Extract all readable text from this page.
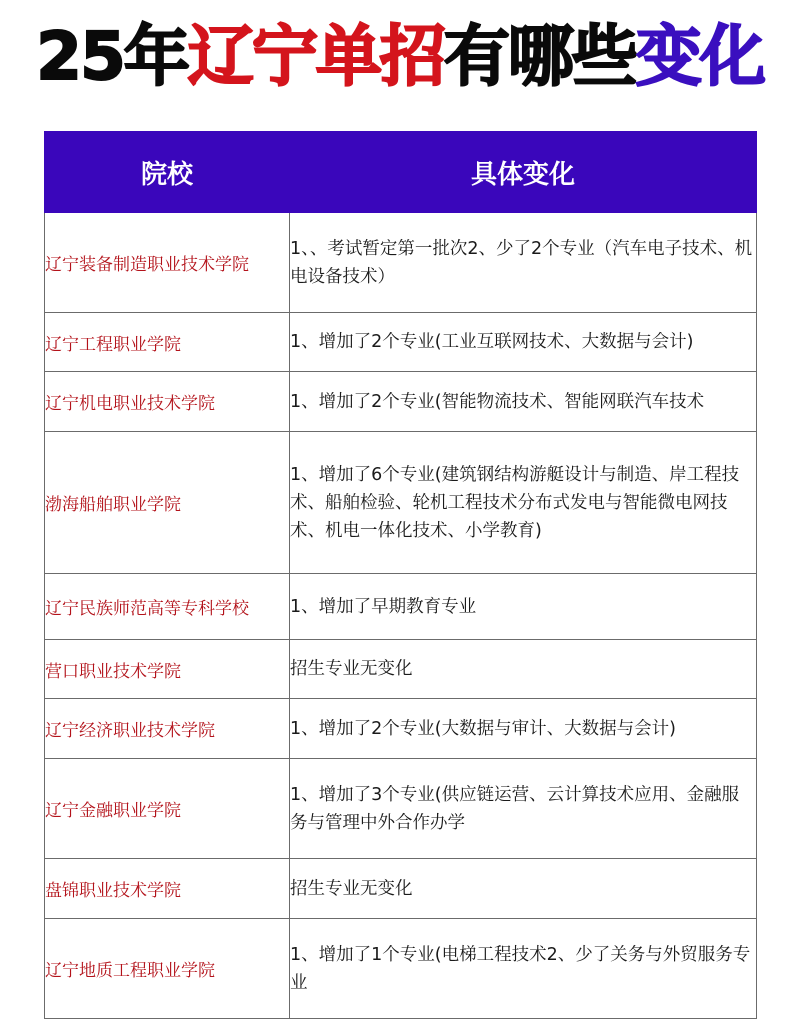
25年辽宁单招有哪些变化
院校	具体变化
辽宁装备制造职业技术学院	1、、考试暂定第一批次2、少了2个专业（汽车电子技术、机电设备技术）
辽宁工程职业学院	1、增加了2个专业(工业互联网技术、大数据与会计)
辽宁机电职业技术学院	1、增加了2个专业(智能物流技术、智能网联汽车技术
渤海船舶职业学院	1、增加了6个专业(建筑钢结构游艇设计与制造、岸工程技术、船舶检验、轮机工程技术分布式发电与智能微电网技术、机电一体化技术、小学教育)
辽宁民族师范高等专科学校	1、增加了早期教育专业
营口职业技术学院	招生专业无变化
辽宁经济职业技术学院	1、增加了2个专业(大数据与审计、大数据与会计)
辽宁金融职业学院	1、增加了3个专业(供应链运营、云计算技术应用、金融服务与管理中外合作办学
盘锦职业技术学院	招生专业无变化
辽宁地质工程职业学院	1、增加了1个专业(电梯工程技术2、少了关务与外贸服务专业
